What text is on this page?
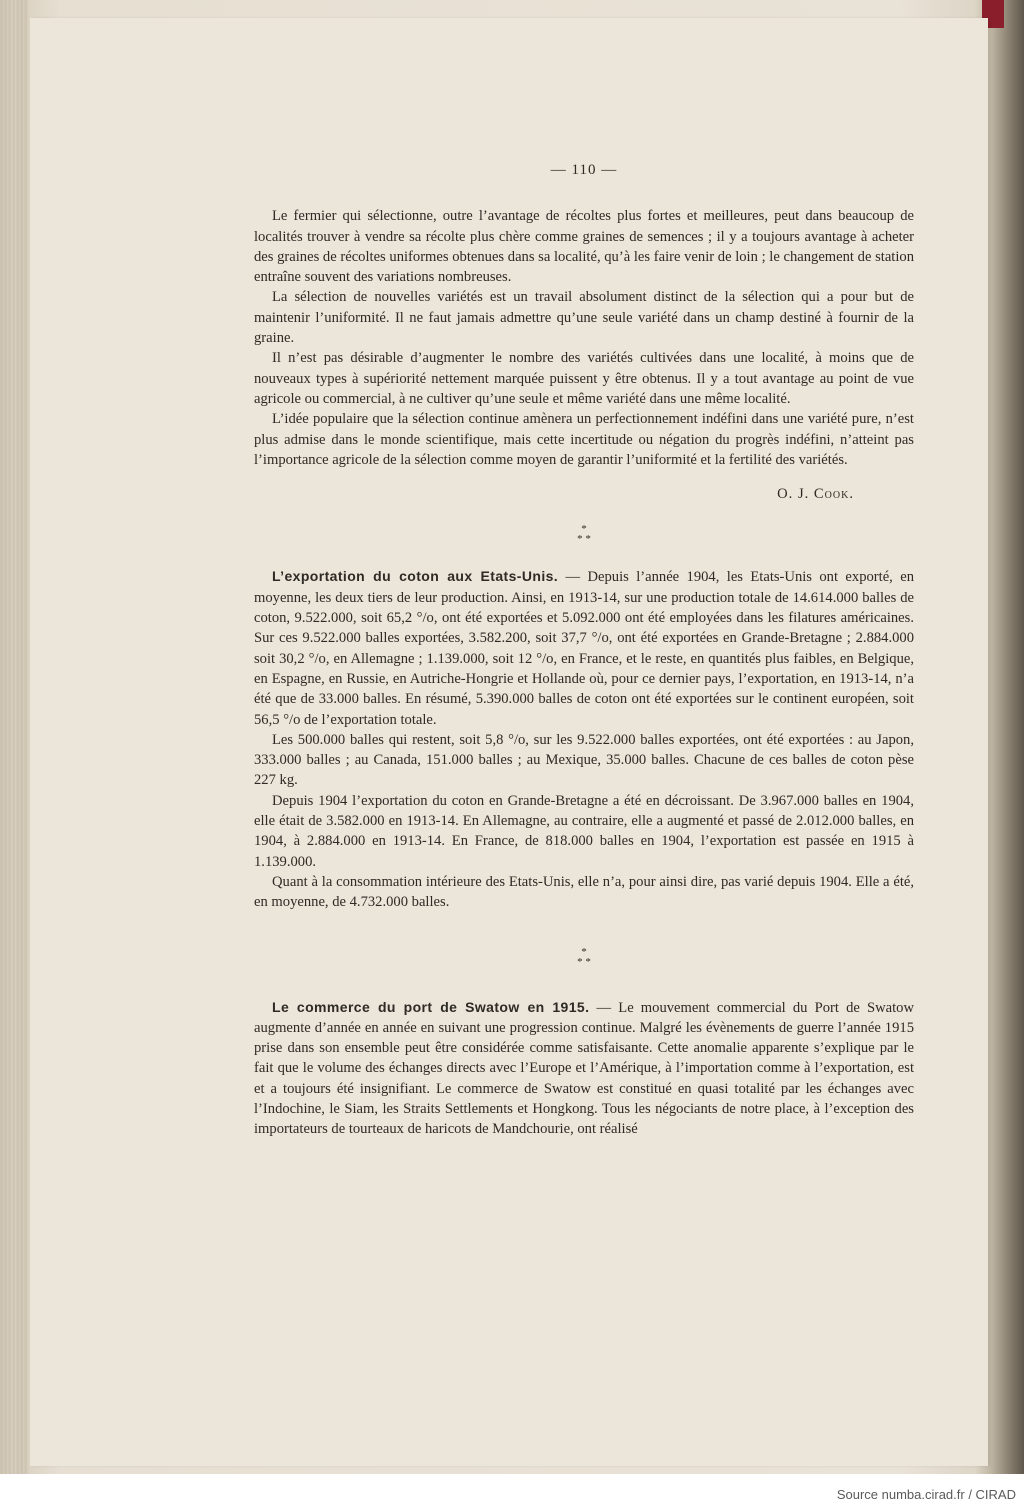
— 110 —

Le fermier qui sélectionne, outre l’avantage de récoltes plus fortes et meilleures, peut dans beaucoup de localités trouver à vendre sa récolte plus chère comme graines de semences ; il y a toujours avantage à acheter des graines de récoltes uniformes obtenues dans sa localité, qu’à les faire venir de loin ; le changement de station entraîne souvent des variations nombreuses.

La sélection de nouvelles variétés est un travail absolument distinct de la sélection qui a pour but de maintenir l’uniformité. Il ne faut jamais admettre qu’une seule variété dans un champ destiné à fournir de la graine.

Il n’est pas désirable d’augmenter le nombre des variétés cultivées dans une localité, à moins que de nouveaux types à supériorité nettement marquée puissent y être obtenus. Il y a tout avantage au point de vue agricole ou commercial, à ne cultiver qu’une seule et même variété dans une même localité.

L’idée populaire que la sélection continue amènera un perfectionnement indéfini dans une variété pure, n’est plus admise dans le monde scientifique, mais cette incertitude ou négation du progrès indéfini, n’atteint pas l’importance agricole de la sélection comme moyen de garantir l’uniformité et la fertilité des variétés.

O. J. Cook.
*
* *

L’exportation du coton aux Etats-Unis. — Depuis l’année 1904, les Etats-Unis ont exporté, en moyenne, les deux tiers de leur production. Ainsi, en 1913-14, sur une production totale de 14.614.000 balles de coton, 9.522.000, soit 65,2 °/o, ont été exportées et 5.092.000 ont été employées dans les filatures américaines. Sur ces 9.522.000 balles exportées, 3.582.200, soit 37,7 °/o, ont été exportées en Grande-Bretagne ; 2.884.000 soit 30,2 °/o, en Allemagne ; 1.139.000, soit 12 °/o, en France, et le reste, en quantités plus faibles, en Belgique, en Espagne, en Russie, en Autriche-Hongrie et Hollande où, pour ce dernier pays, l’exportation, en 1913-14, n’a été que de 33.000 balles. En résumé, 5.390.000 balles de coton ont été exportées sur le continent européen, soit 56,5 °/o de l’exportation totale.

Les 500.000 balles qui restent, soit 5,8 °/o, sur les 9.522.000 balles exportées, ont été exportées : au Japon, 333.000 balles ; au Canada, 151.000 balles ; au Mexique, 35.000 balles. Chacune de ces balles de coton pèse 227 kg.

Depuis 1904 l’exportation du coton en Grande-Bretagne a été en décroissant. De 3.967.000 balles en 1904, elle était de 3.582.000 en 1913-14. En Allemagne, au contraire, elle a augmenté et passé de 2.012.000 balles, en 1904, à 2.884.000 en 1913-14. En France, de 818.000 balles en 1904, l’exportation est passée en 1915 à 1.139.000.

Quant à la consommation intérieure des Etats-Unis, elle n’a, pour ainsi dire, pas varié depuis 1904. Elle a été, en moyenne, de 4.732.000 balles.

*
* *

Le commerce du port de Swatow en 1915. — Le mouvement commercial du Port de Swatow augmente d’année en année en suivant une progression continue. Malgré les évènements de guerre l’année 1915 prise dans son ensemble peut être considérée comme satisfaisante. Cette anomalie apparente s’explique par le fait que le volume des échanges directs avec l’Europe et l’Amérique, à l’importation comme à l’exportation, est et a toujours été insignifiant. Le commerce de Swatow est constitué en quasi totalité par les échanges avec l’Indochine, le Siam, les Straits Settlements et Hongkong. Tous les négociants de notre place, à l’exception des importateurs de tourteaux de haricots de Mandchourie, ont réalisé

Source numba.cirad.fr / CIRAD
